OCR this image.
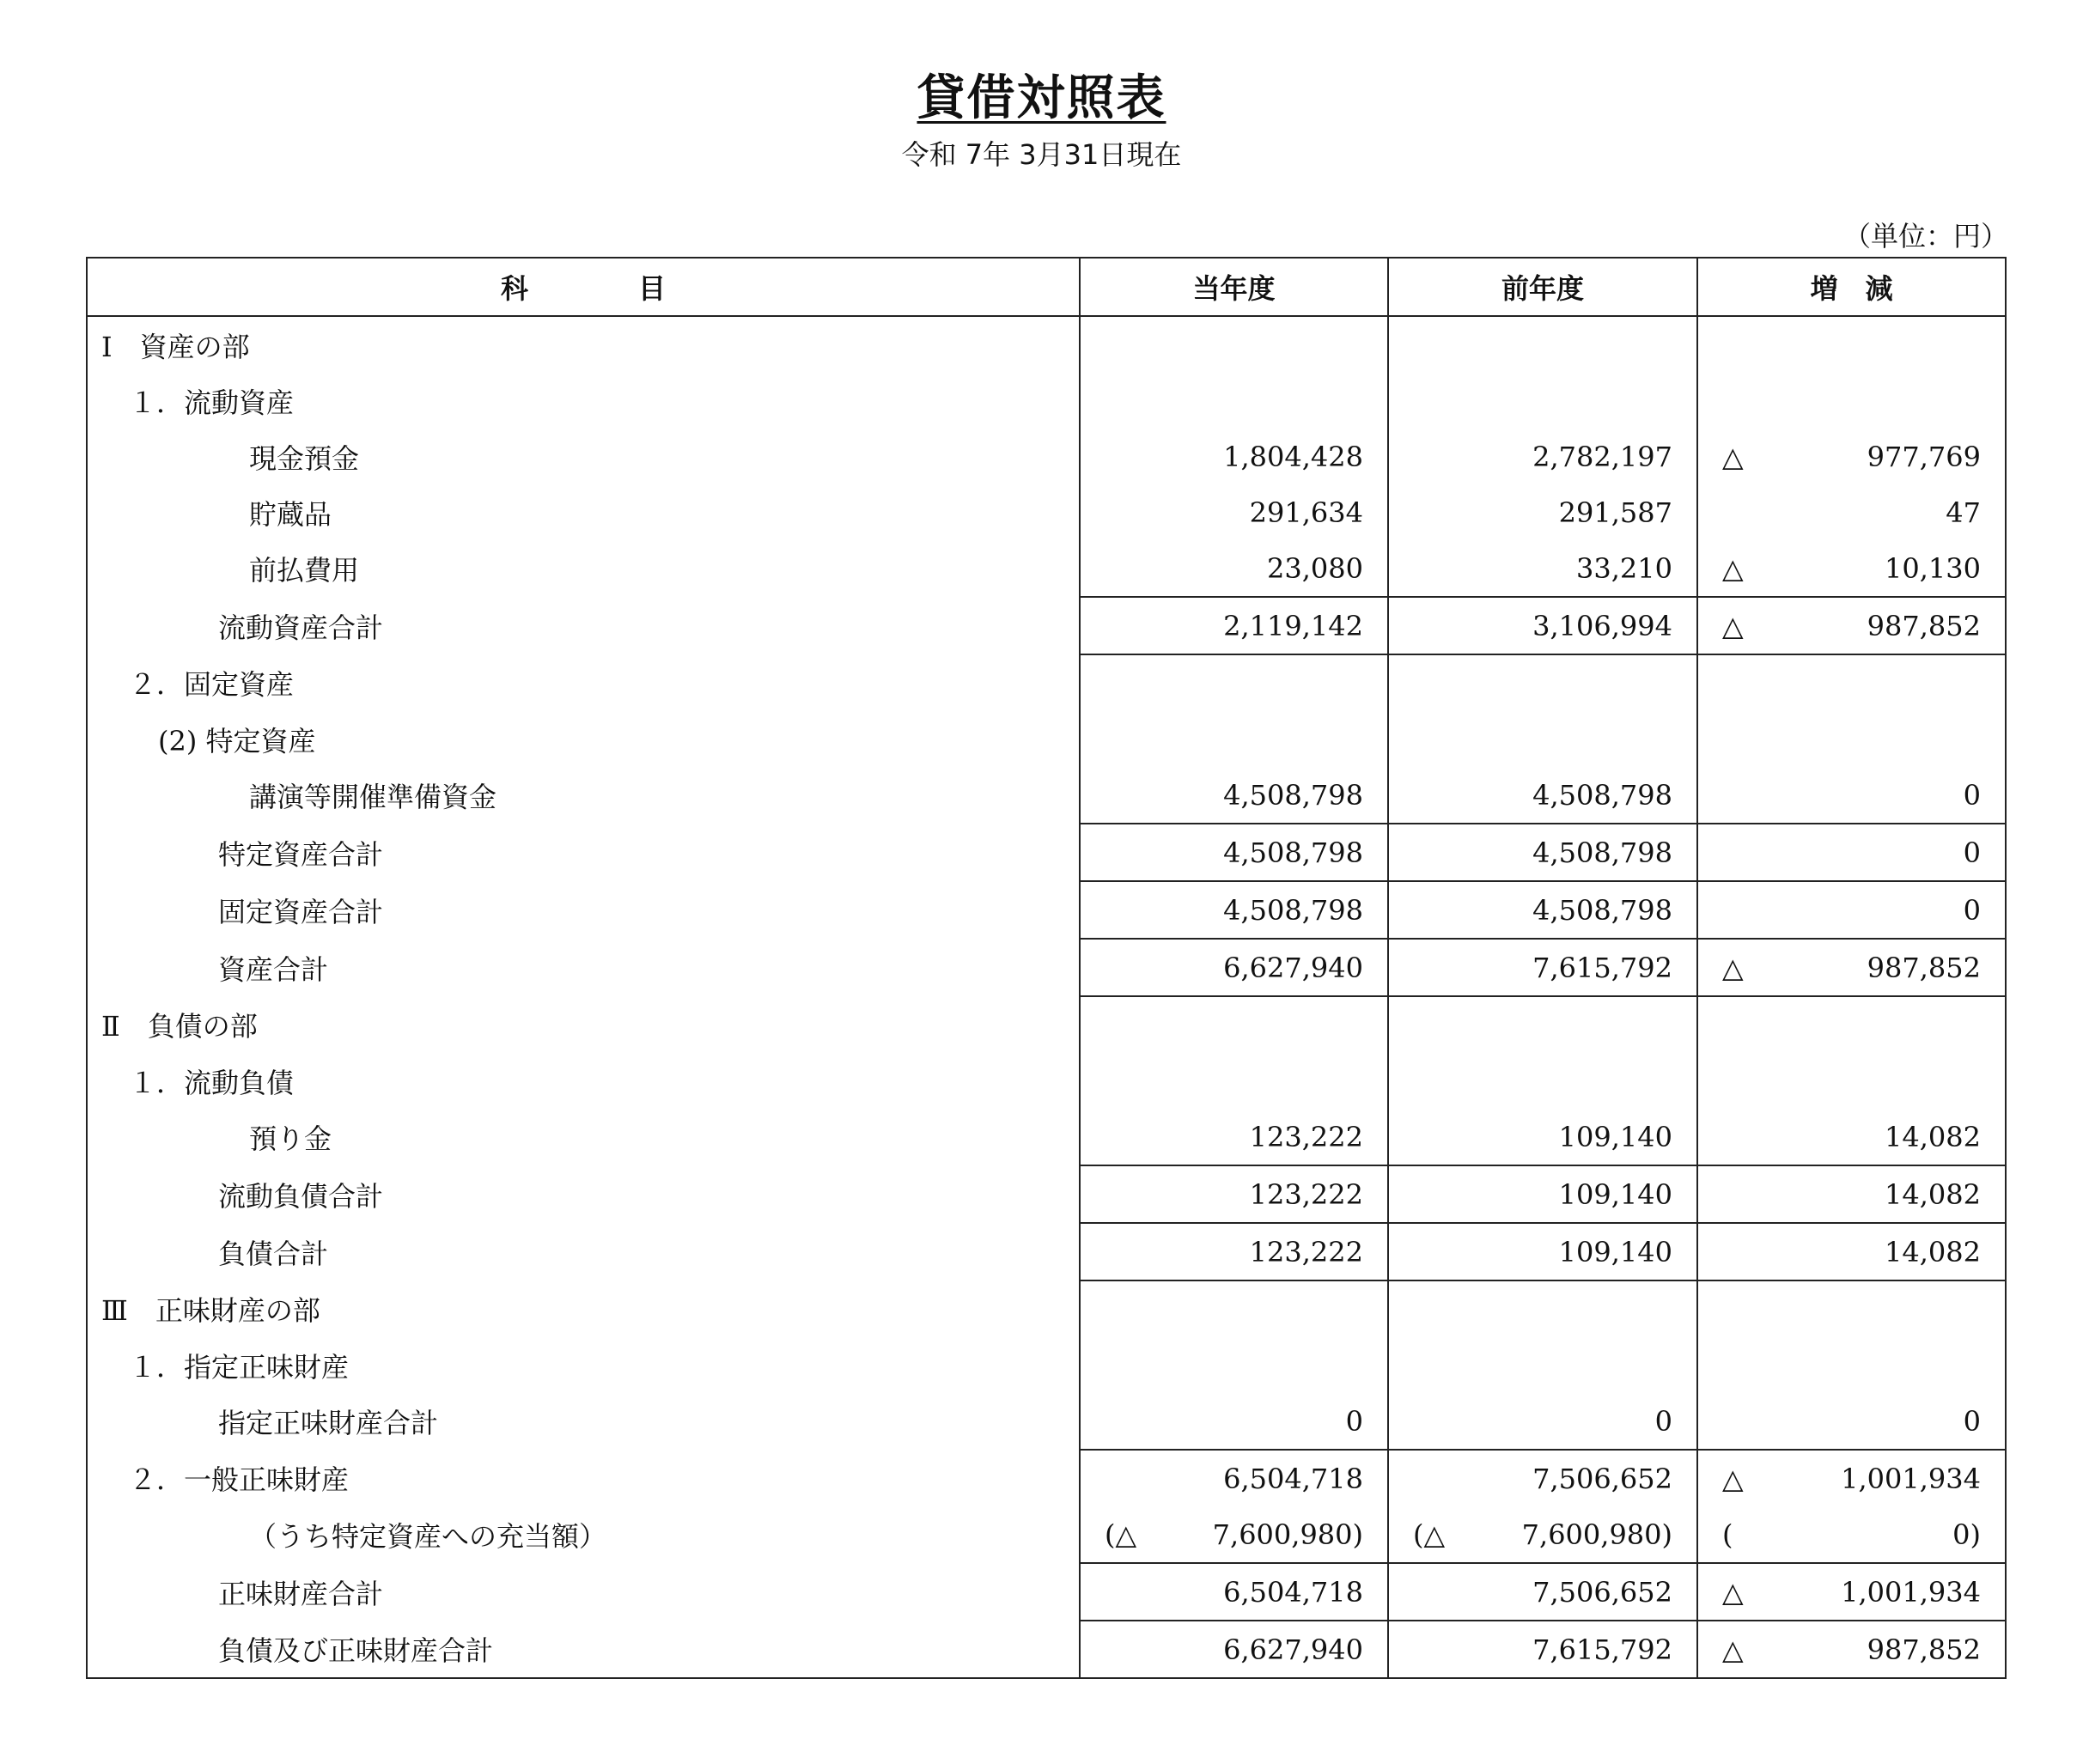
貸借対照表
令和 7年 3月31日現在
（単位：円）
科　　　　目	当年度	前年度	増　減
Ⅰ　資産の部	

１．流動資産	

現金預金	1,804,428	2,782,197	△ 977,769

貯蔵品	291,634	291,587	47

前払費用	23,080	33,210	△ 10,130

流動資産合計	2,119,142	3,106,994	△ 987,852

２．固定資産	

(2) 特定資産	

講演等開催準備資金	4,508,798	4,508,798	0

特定資産合計	4,508,798	4,508,798	0

固定資産合計	4,508,798	4,508,798	0

資産合計	6,627,940	7,615,792	△ 987,852

Ⅱ　負債の部	

１．流動負債	

預り金	123,222	109,140	14,082

流動負債合計	123,222	109,140	14,082

負債合計	123,222	109,140	14,082

Ⅲ　正味財産の部	

１．指定正味財産	

指定正味財産合計	0	0	0

２．一般正味財産	6,504,718	7,506,652	△ 1,001,934

（うち特定資産への充当額）	(△ 7,600,980)	(△ 7,600,980)	( 0)

正味財産合計	6,504,718	7,506,652	△ 1,001,934

負債及び正味財産合計	6,627,940	7,615,792	△ 987,852
